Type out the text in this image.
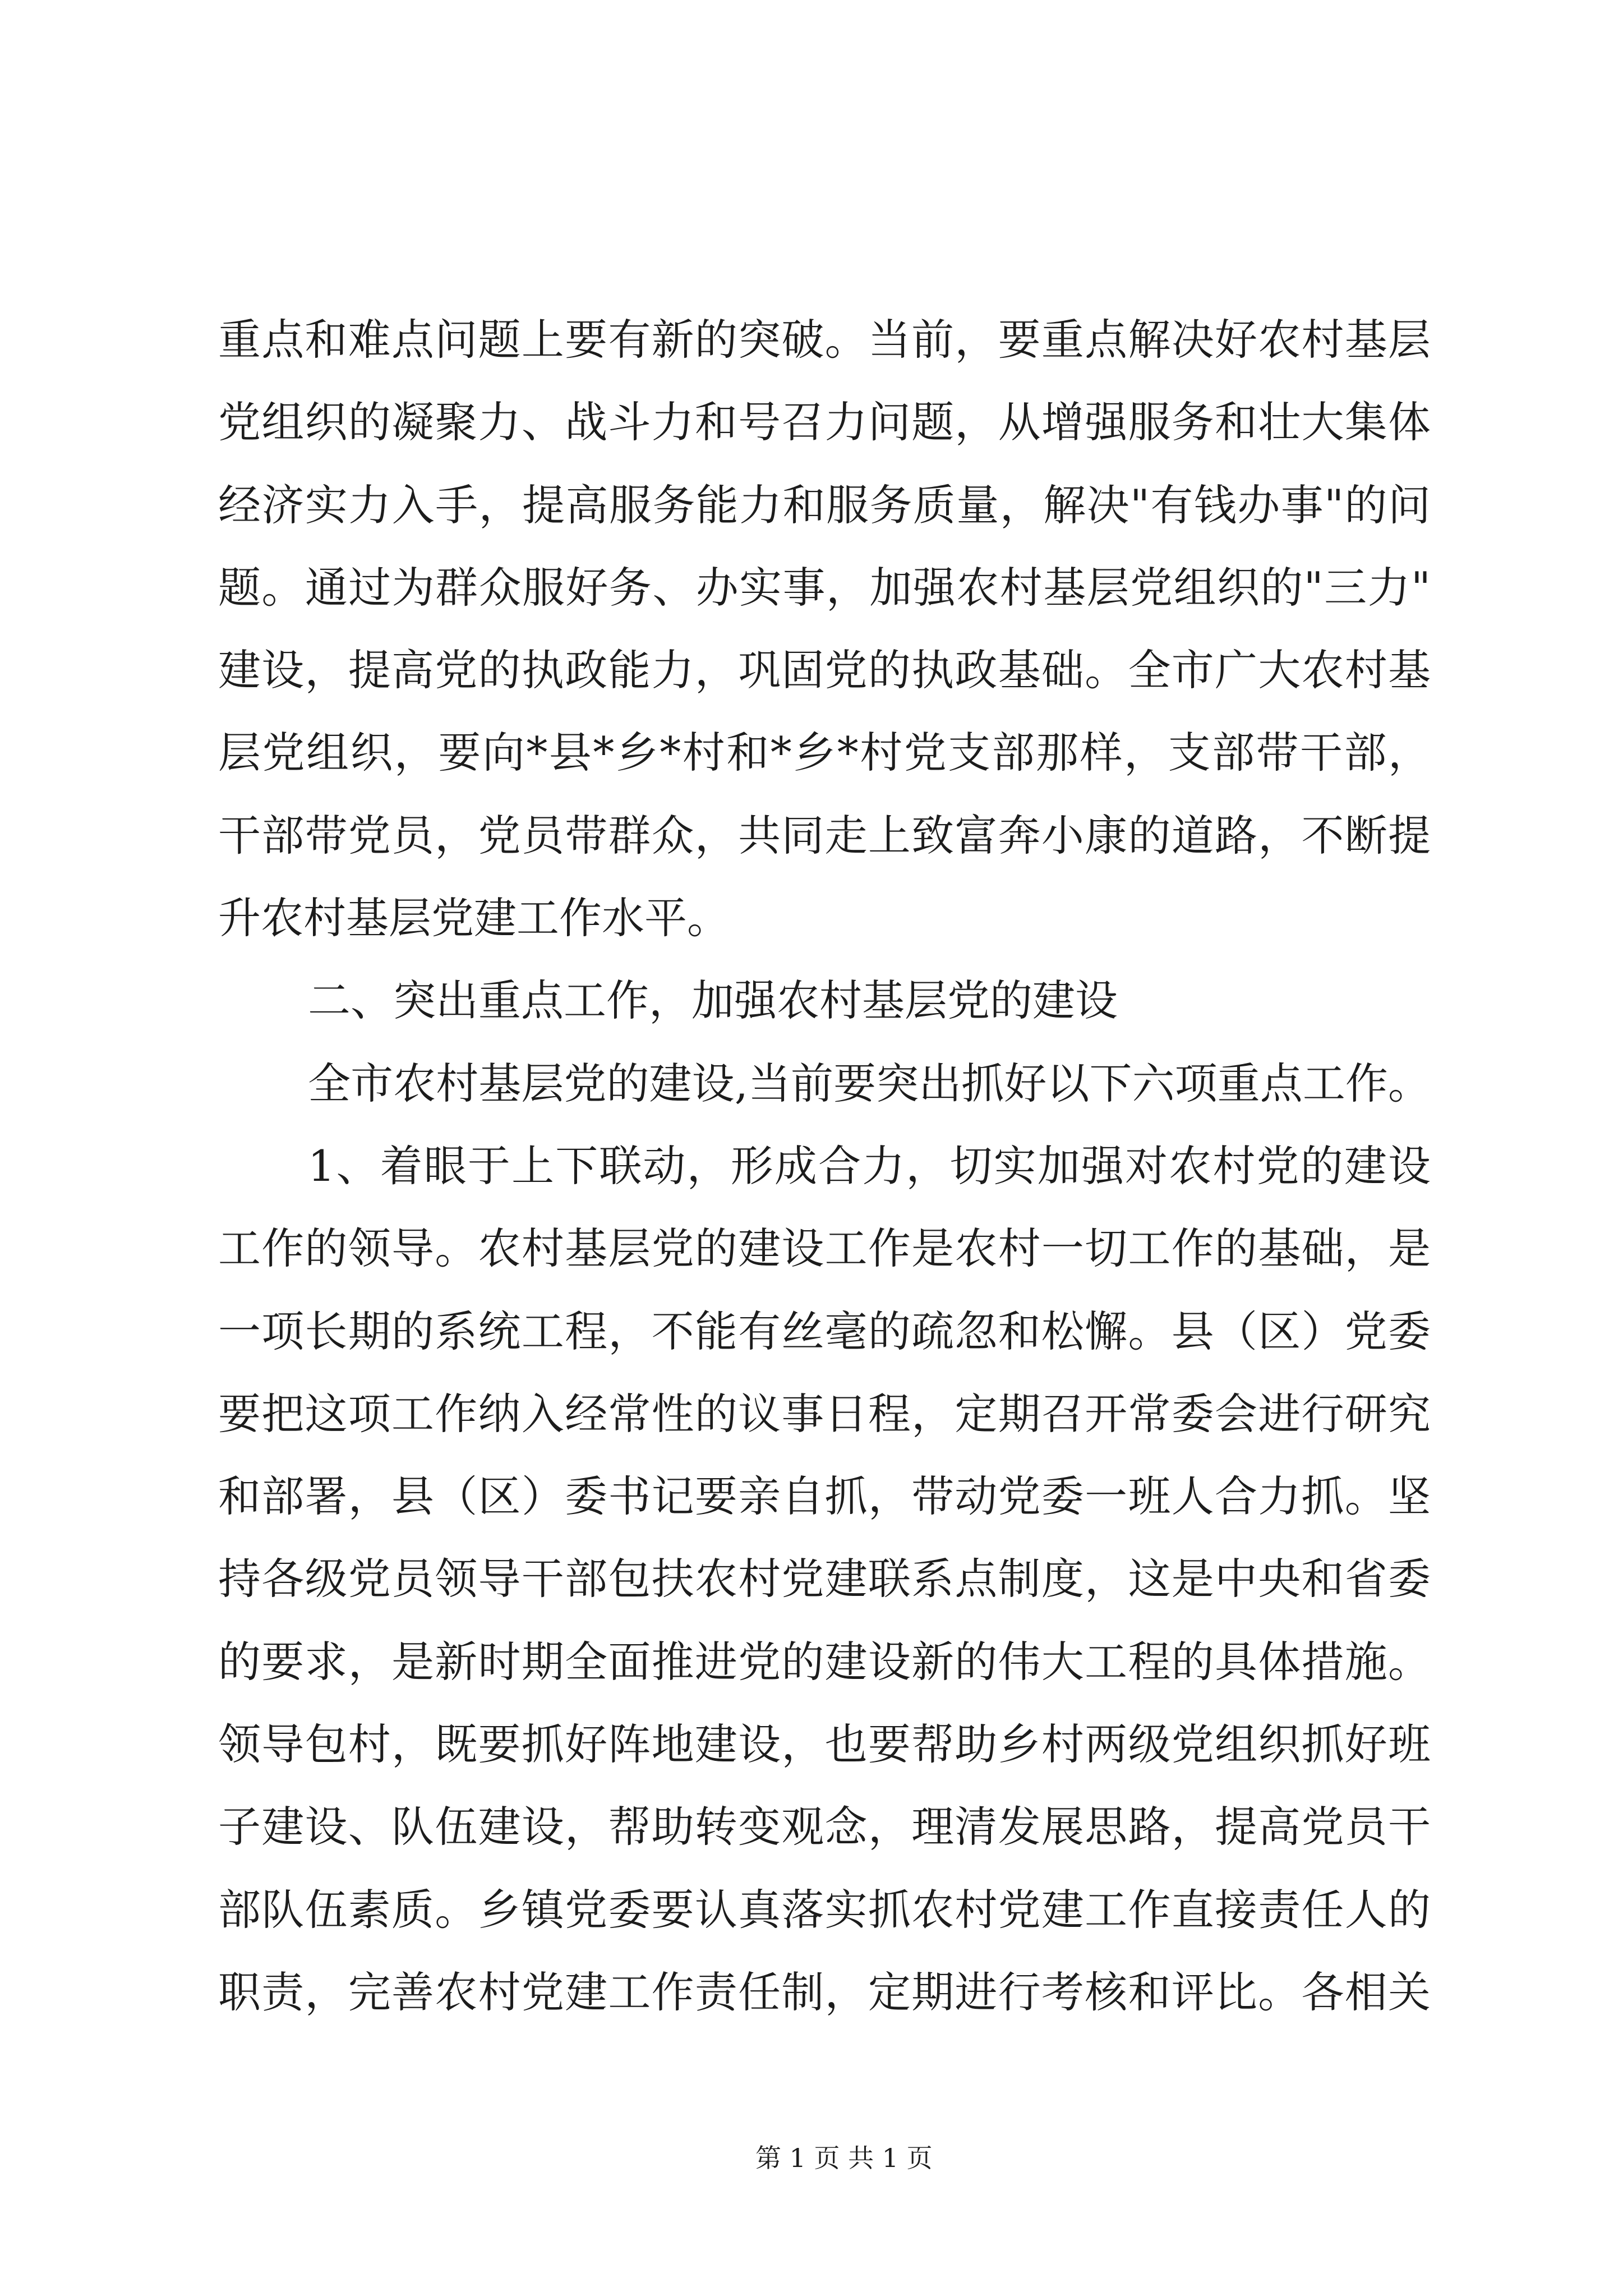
重点和难点问题上要有新的突破。当前，要重点解决好农村基层
党组织的凝聚力、战斗力和号召力问题，从增强服务和壮大集体
经济实力入手，提高服务能力和服务质量，解决"有钱办事"的问
题。通过为群众服好务、办实事，加强农村基层党组织的"三力"
建设，提高党的执政能力，巩固党的执政基础。全市广大农村基
层党组织，要向*县*乡*村和*乡*村党支部那样，支部带干部，
干部带党员，党员带群众，共同走上致富奔小康的道路，不断提
升农村基层党建工作水平。
二、突出重点工作，加强农村基层党的建设
全市农村基层党的建设,当前要突出抓好以下六项重点工作。
1、着眼于上下联动，形成合力，切实加强对农村党的建设
工作的领导。农村基层党的建设工作是农村一切工作的基础，是
一项长期的系统工程，不能有丝毫的疏忽和松懈。县（区）党委
要把这项工作纳入经常性的议事日程，定期召开常委会进行研究
和部署，县（区）委书记要亲自抓，带动党委一班人合力抓。坚
持各级党员领导干部包扶农村党建联系点制度，这是中央和省委
的要求，是新时期全面推进党的建设新的伟大工程的具体措施。
领导包村，既要抓好阵地建设，也要帮助乡村两级党组织抓好班
子建设、队伍建设，帮助转变观念，理清发展思路，提高党员干
部队伍素质。乡镇党委要认真落实抓农村党建工作直接责任人的
职责，完善农村党建工作责任制，定期进行考核和评比。各相关
第 1 页 共 1 页
